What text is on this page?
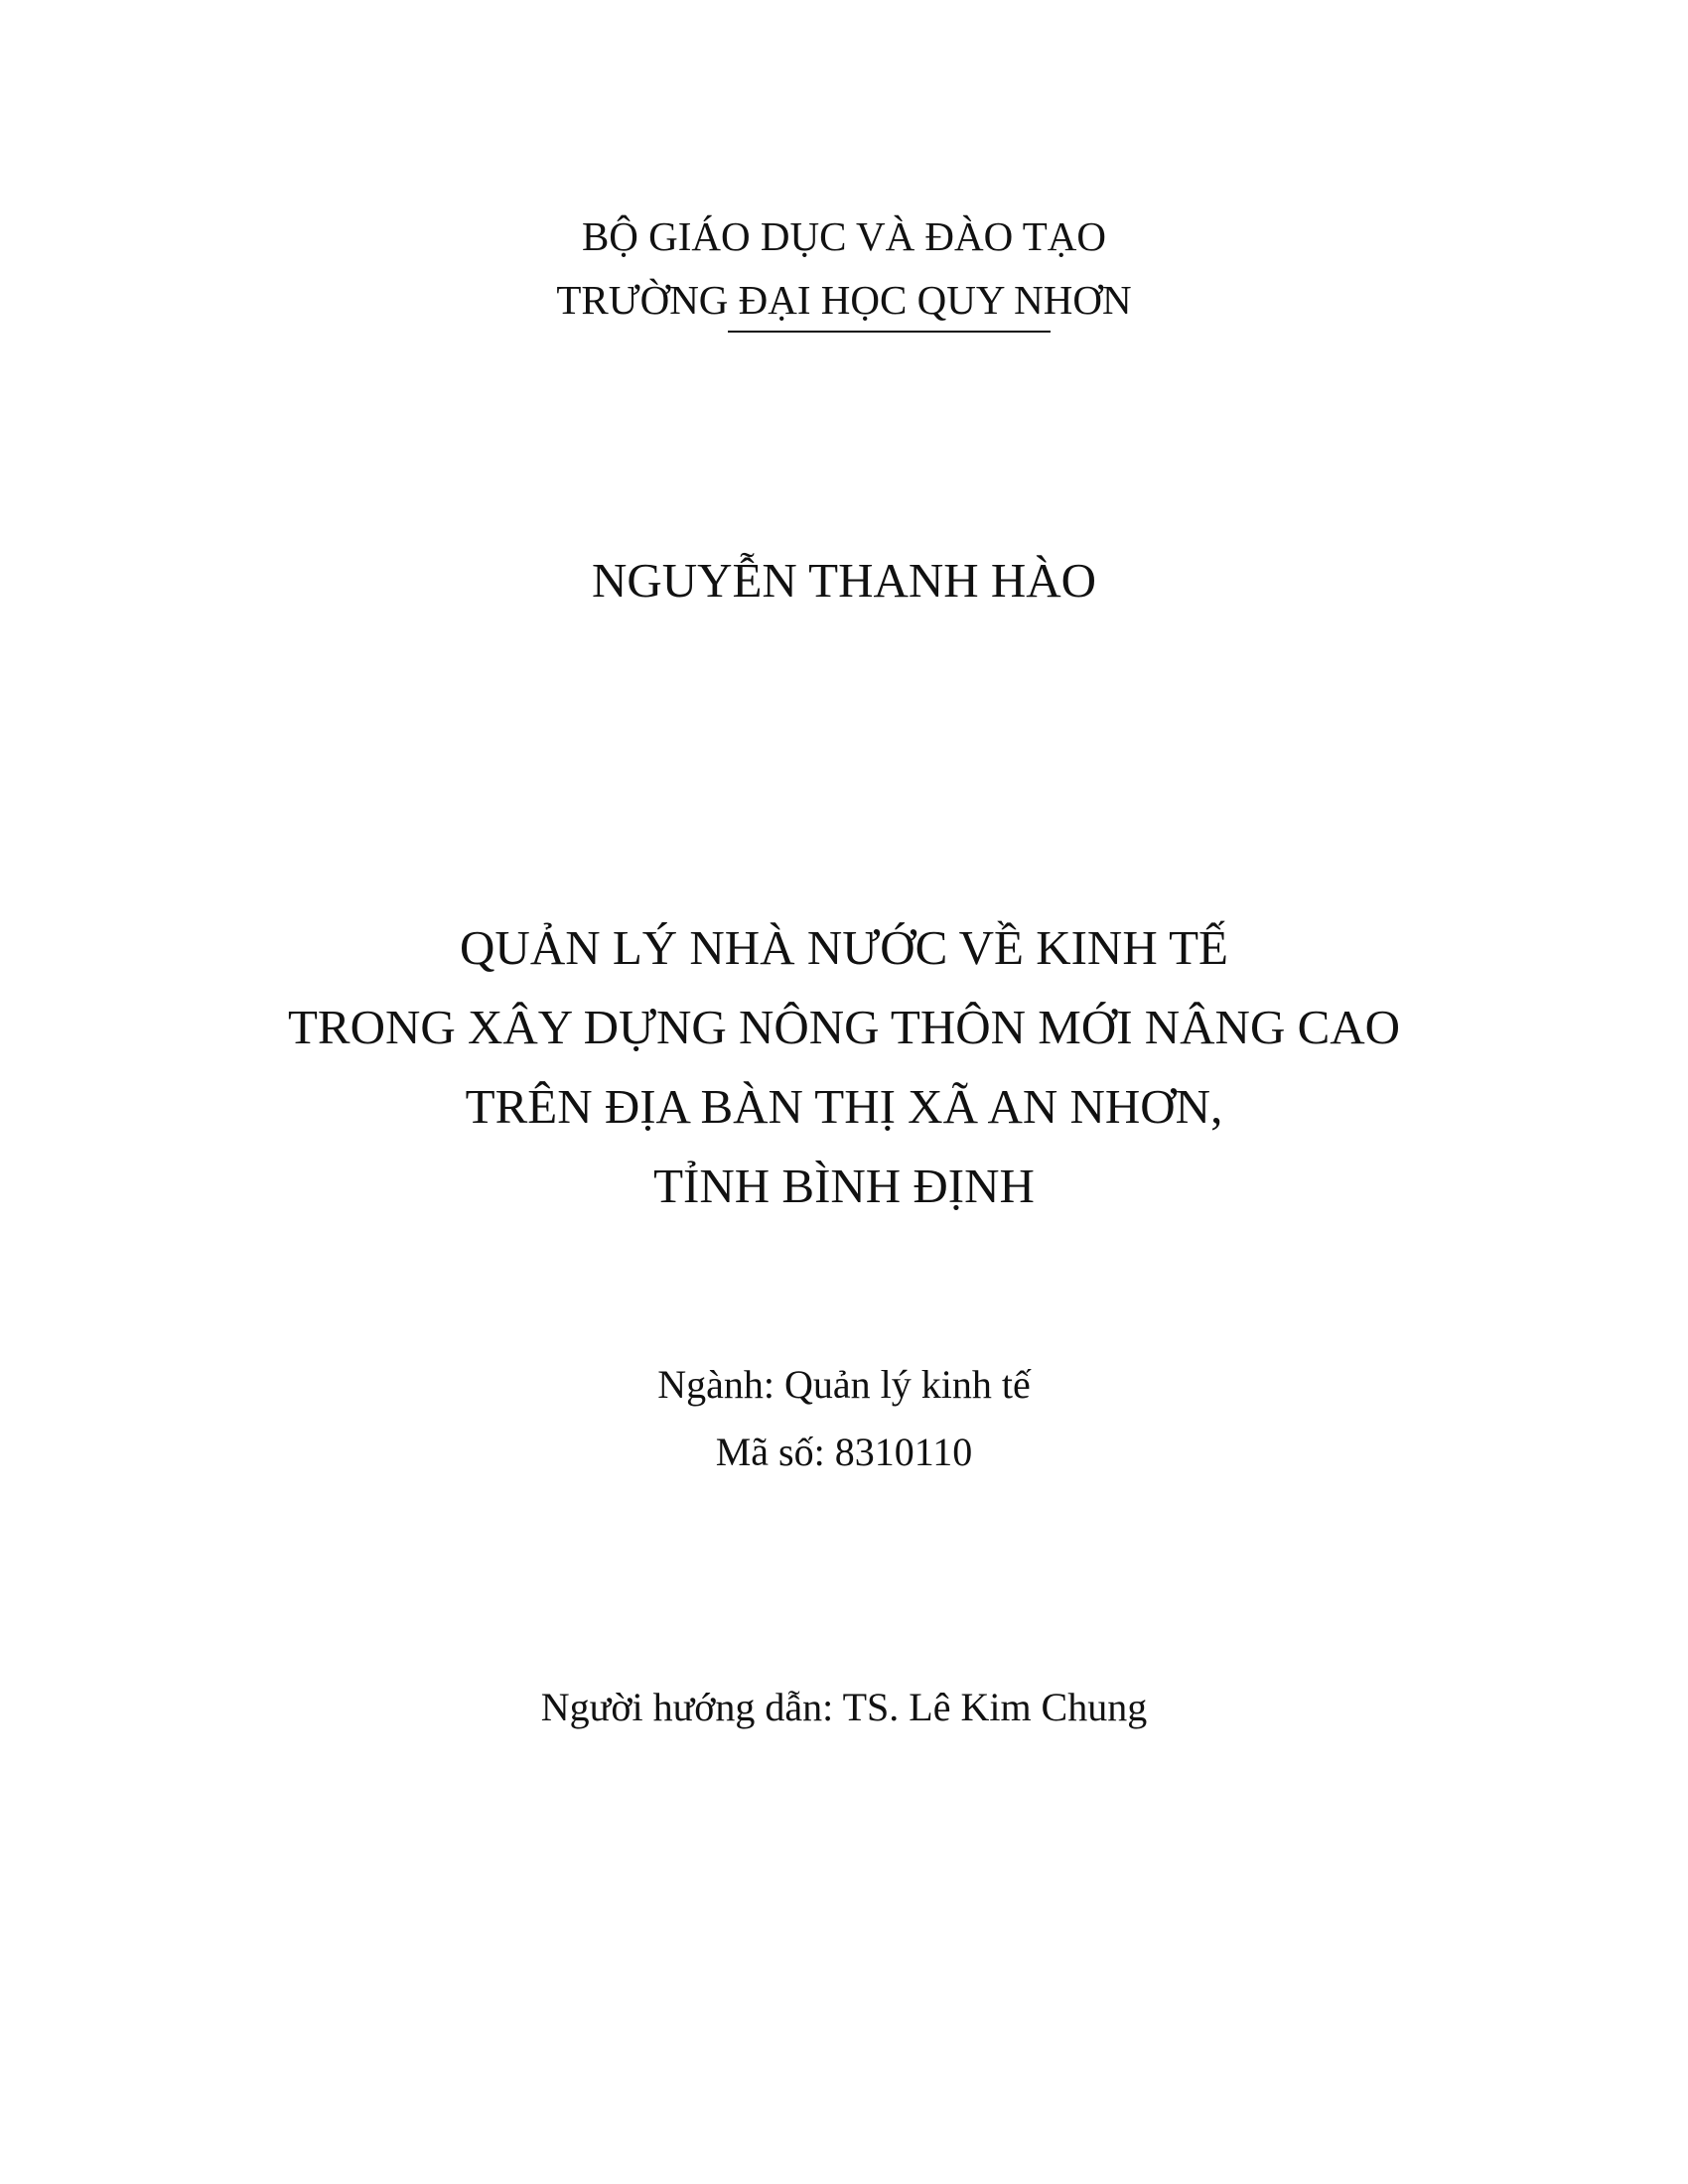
BỘ GIÁO DỤC VÀ ĐÀO TẠO
TRƯỜNG ĐẠI HỌC QUY NHƠN
NGUYỄN THANH HÀO
QUẢN LÝ NHÀ NƯỚC VỀ KINH TẾ
TRONG XÂY DỰNG NÔNG THÔN MỚI NÂNG CAO
TRÊN ĐỊA BÀN THỊ XÃ AN NHƠN,
TỈNH BÌNH ĐỊNH
Ngành: Quản lý kinh tế
Mã số: 8310110
Người hướng dẫn: TS. Lê Kim Chung
